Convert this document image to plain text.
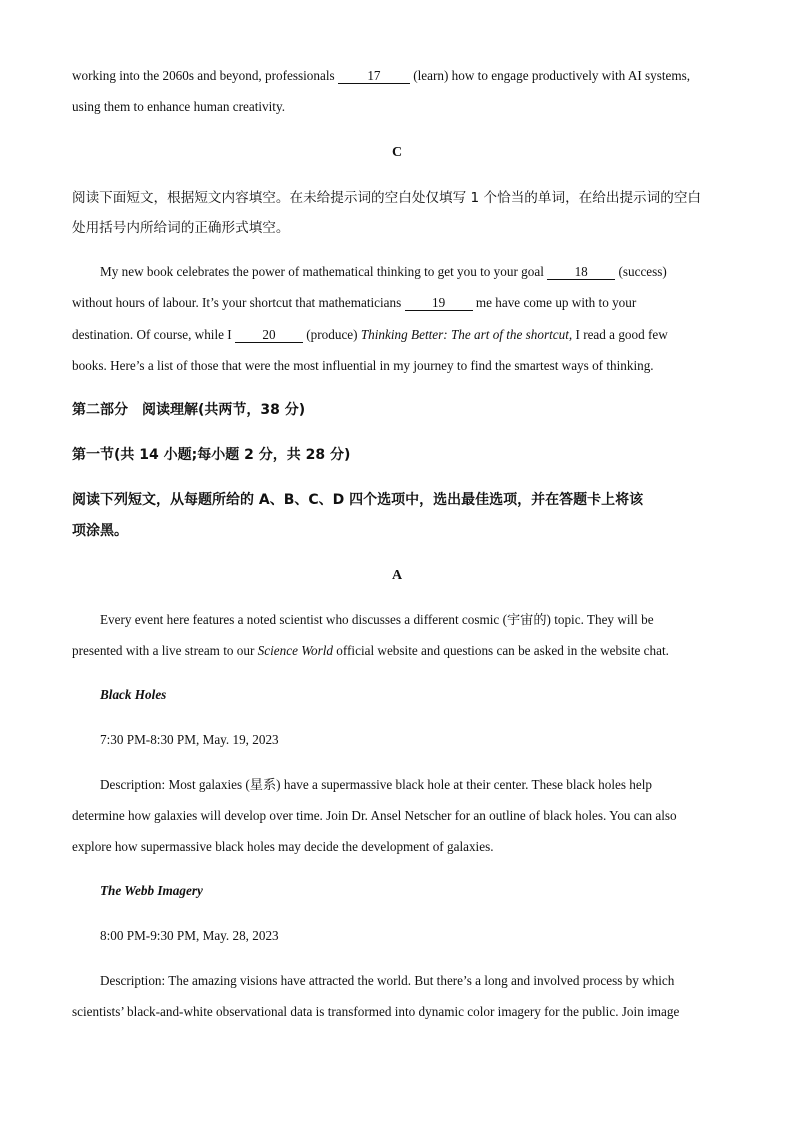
working into the 2060s and beyond, professionals 17 (learn) how to engage productively with AI systems,
using them to enhance human creativity.
C
阅读下面短文，根据短文内容填空。在未给提示词的空白处仅填写 1 个恰当的单词，在给出提示词的空白
处用括号内所给词的正确形式填空。
My new book celebrates the power of mathematical thinking to get you to your goal 18 (success)
without hours of labour. It’s your shortcut that mathematicians 19 me have come up with to your
destination. Of course, while I 20 (produce) Thinking Better: The art of the shortcut, I read a good few
books. Here’s a list of those that were the most influential in my journey to find the smartest ways of thinking.
第二部分　阅读理解(共两节，38 分)
第一节(共 14 小题;每小题 2 分，共 28 分)
阅读下列短文，从每题所给的 A、B、C、D 四个选项中，选出最佳选项，并在答题卡上将该
项涂黑。
A
Every event here features a noted scientist who discusses a different cosmic (宇宙的) topic. They will be
presented with a live stream to our Science World official website and questions can be asked in the website chat.
Black Holes
7:30 PM-8:30 PM, May. 19, 2023
Description: Most galaxies (星系) have a supermassive black hole at their center. These black holes help
determine how galaxies will develop over time. Join Dr. Ansel Netscher for an outline of black holes. You can also
explore how supermassive black holes may decide the development of galaxies.
The Webb Imagery
8:00 PM-9:30 PM, May. 28, 2023
Description: The amazing visions have attracted the world. But there’s a long and involved process by which
scientists’ black-and-white observational data is transformed into dynamic color imagery for the public. Join image
